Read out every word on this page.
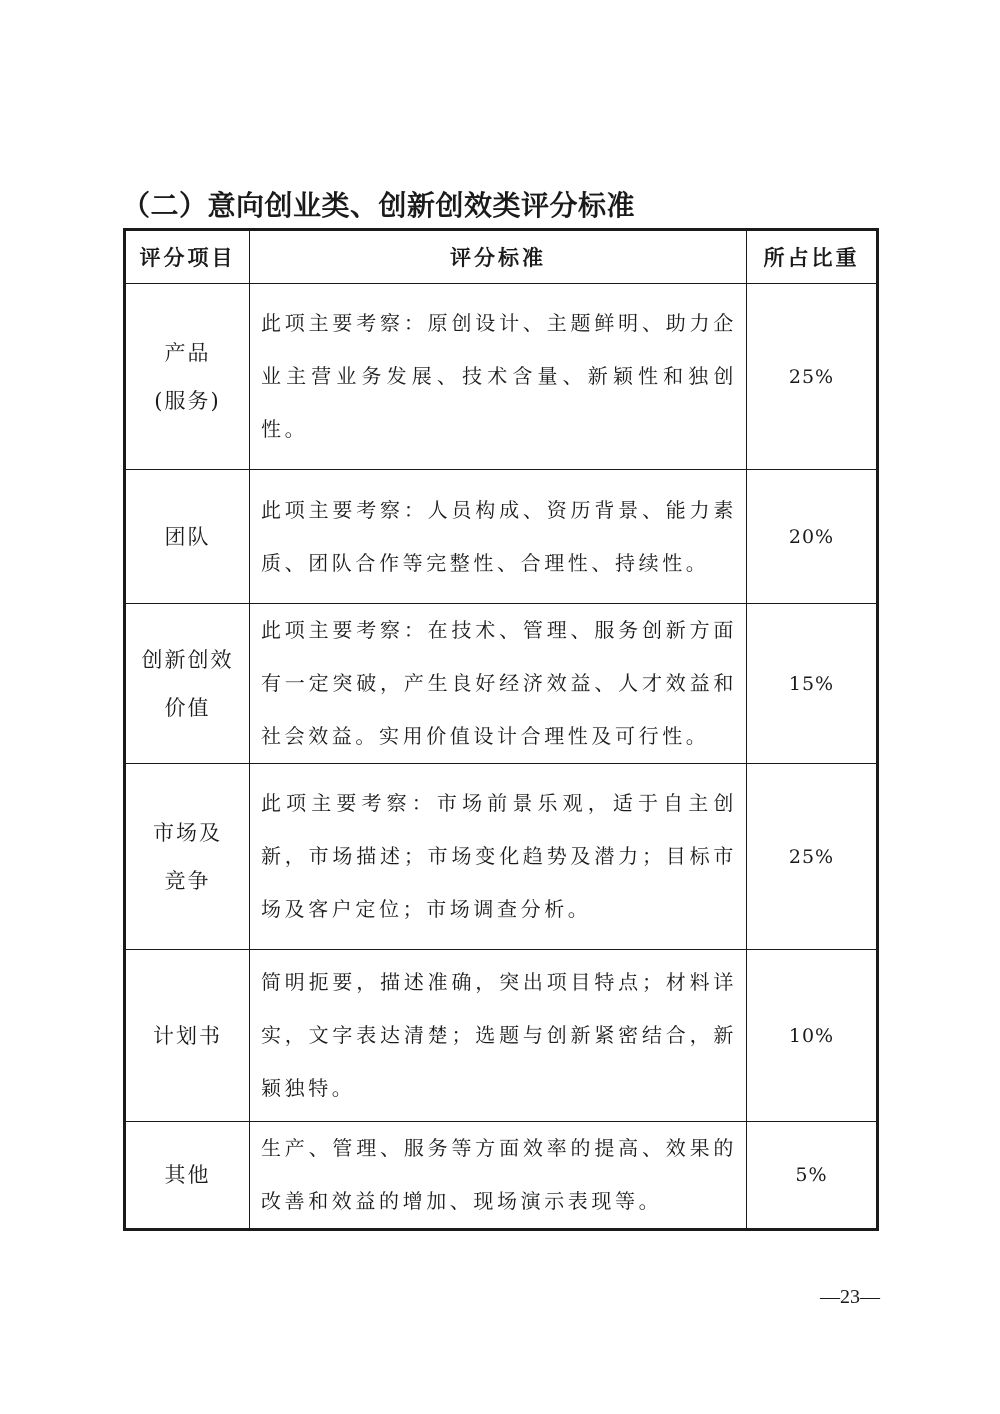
（二）意向创业类、创新创效类评分标准
评分项目	评分标准	所占比重

产品
(服务)	此项主要考察：原创设计、主题鲜明、助力企业主营业务发展、技术含量、新颖性和独创性。	25%

团队	此项主要考察：人员构成、资历背景、能力素质、团队合作等完整性、合理性、持续性。	20%

创新创效
价值	此项主要考察：在技术、管理、服务创新方面有一定突破，产生良好经济效益、人才效益和社会效益。实用价值设计合理性及可行性。	15%

市场及
竞争	此项主要考察：市场前景乐观，适于自主创新，市场描述；市场变化趋势及潜力；目标市场及客户定位；市场调查分析。	25%

计划书	简明扼要，描述准确，突出项目特点；材料详实，文字表达清楚；选题与创新紧密结合，新颖独特。	10%

其他	生产、管理、服务等方面效率的提高、效果的改善和效益的增加、现场演示表现等。	5%
—23—
